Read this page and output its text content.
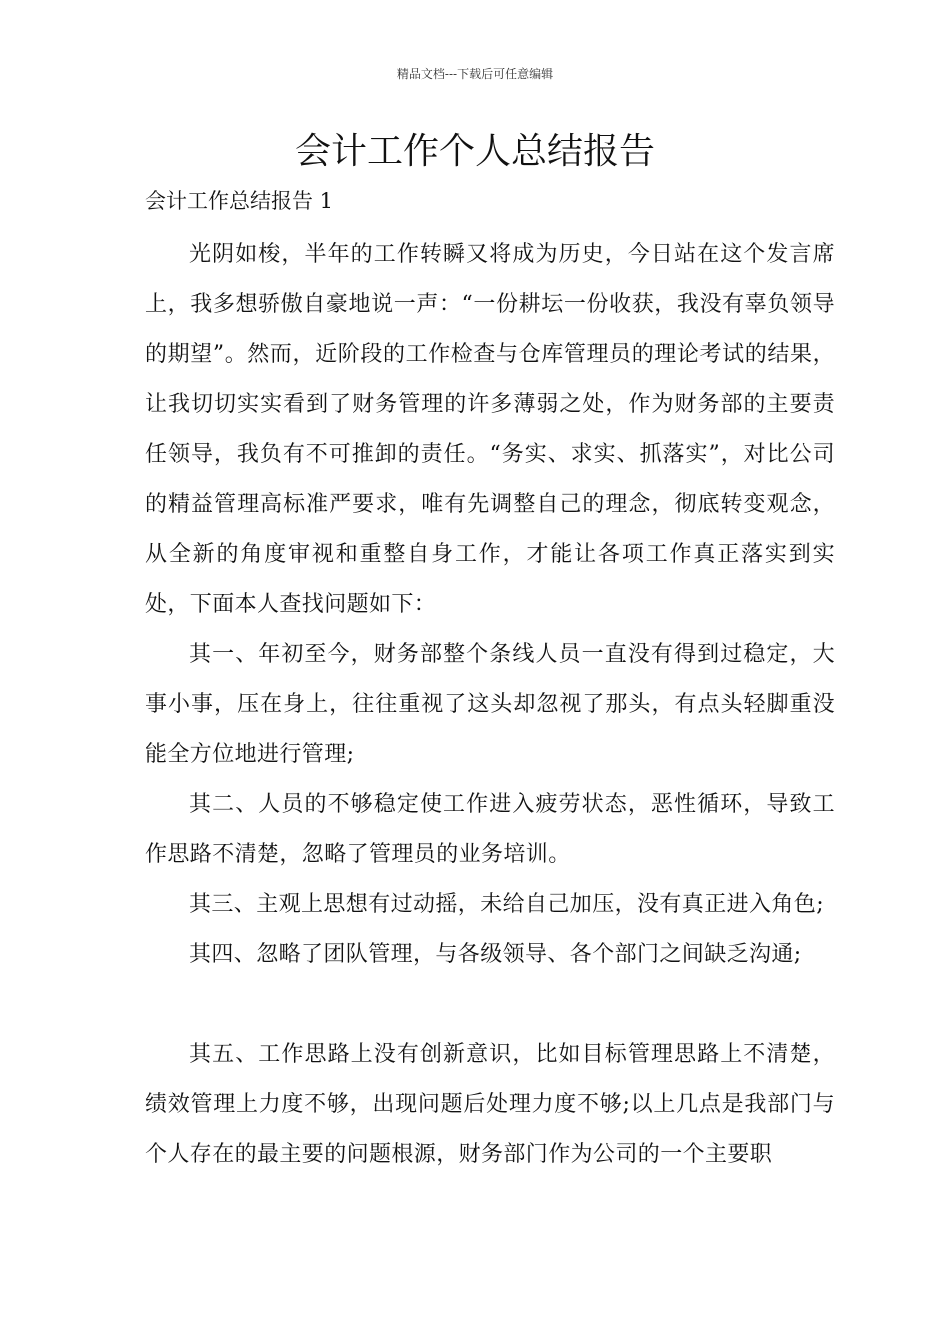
精品文档---下载后可任意编辑
会计工作个人总结报告
会计工作总结报告 1

光阴如梭，半年的工作转瞬又将成为历史，今日站在这个发言席上，我多想骄傲自豪地说一声：“一份耕坛一份收获，我没有辜负领导的期望”。然而，近阶段的工作检查与仓库管理员的理论考试的结果，让我切切实实看到了财务管理的许多薄弱之处，作为财务部的主要责任领导，我负有不可推卸的责任。“务实、求实、抓落实”，对比公司的精益管理高标准严要求，唯有先调整自己的理念，彻底转变观念，从全新的角度审视和重整自身工作，才能让各项工作真正落实到实处，下面本人查找问题如下：

其一、年初至今，财务部整个条线人员一直没有得到过稳定，大事小事，压在身上，往往重视了这头却忽视了那头，有点头轻脚重没能全方位地进行管理;

其二、人员的不够稳定使工作进入疲劳状态，恶性循环，导致工作思路不清楚，忽略了管理员的业务培训。

其三、主观上思想有过动摇，未给自己加压，没有真正进入角色;

其四、忽略了团队管理，与各级领导、各个部门之间缺乏沟通;

其五、工作思路上没有创新意识，比如目标管理思路上不清楚，绩效管理上力度不够，出现问题后处理力度不够;以上几点是我部门与个人存在的最主要的问题根源，财务部门作为公司的一个主要职
